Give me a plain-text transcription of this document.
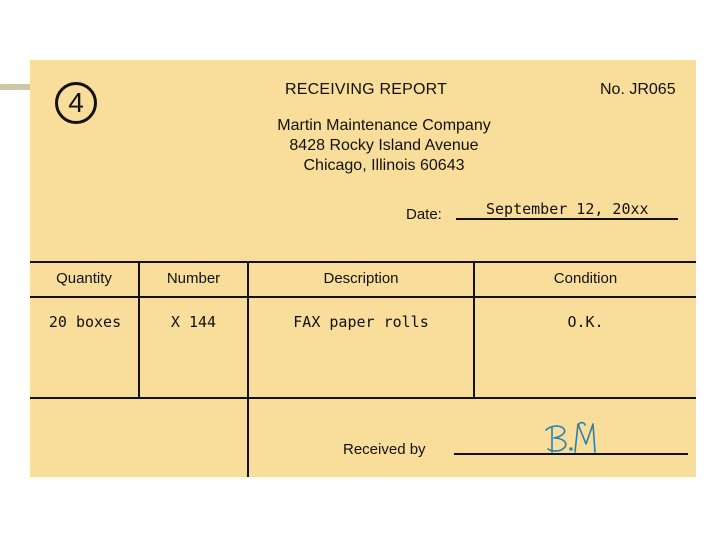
4	RECEIVING REPORT	No. JR065
Martin Maintenance Company
8428 Rocky Island Avenue
Chicago, Illinois 60643
Date:	September 12, 20xx
Quantity	Number	Description	Condition
20 boxes	X 144	FAX paper rolls	O.K.
Received by
